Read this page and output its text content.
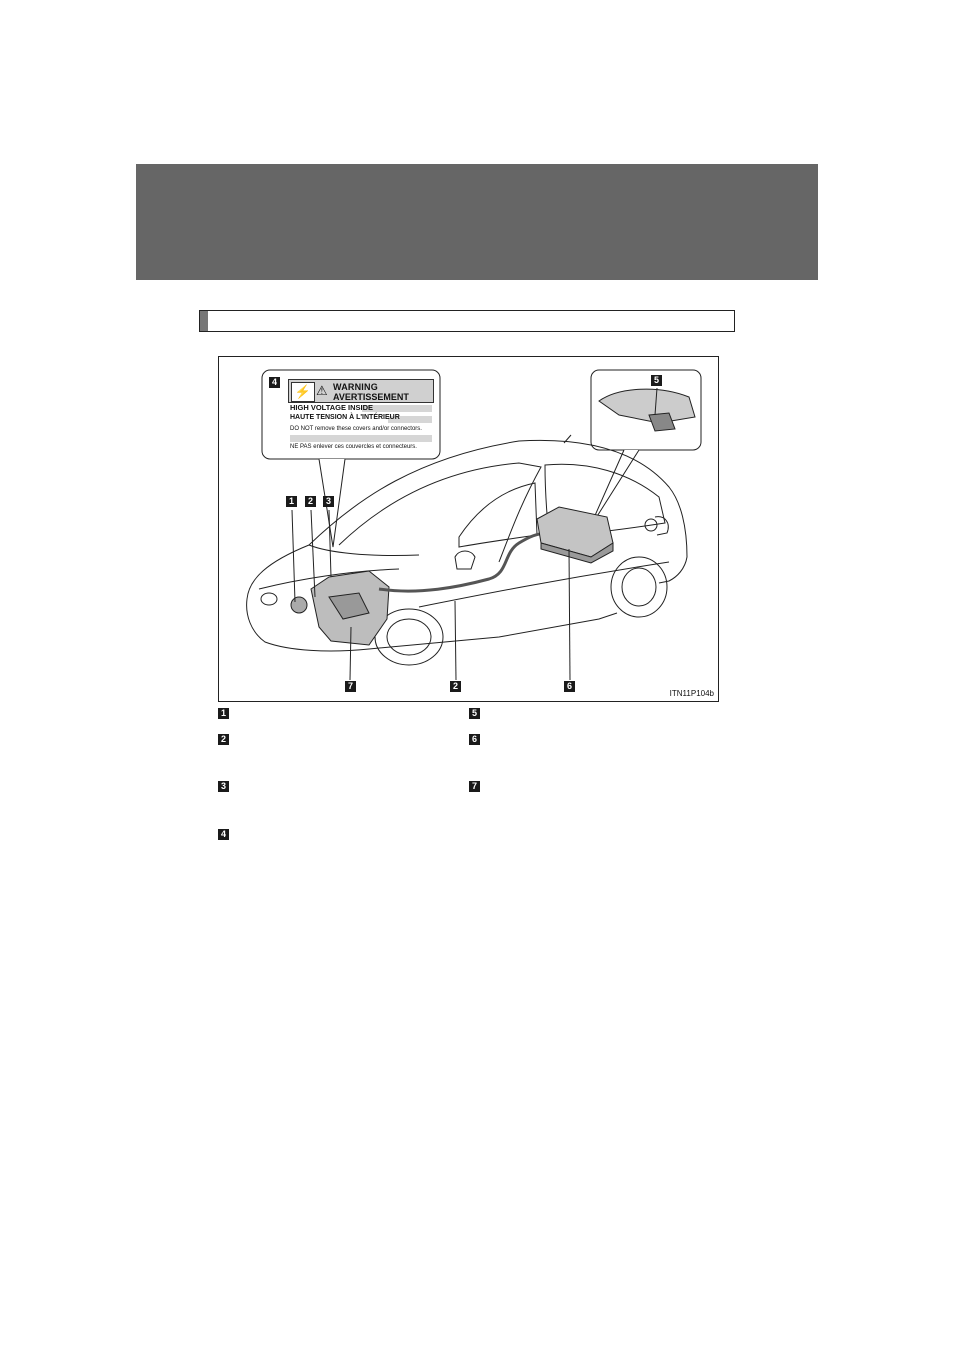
4
1	2	3
5
7	2	6
ITN11P104b
⚡ ⚠ WARNING
AVERTISSEMENT
HIGH VOLTAGE INSIDE
HAUTE TENSION À L'INTÉRIEUR
DO NOT remove these covers and/or connectors.
NE PAS enlever ces couvercles et connecteurs.
1
2
3
4
5
6
7
